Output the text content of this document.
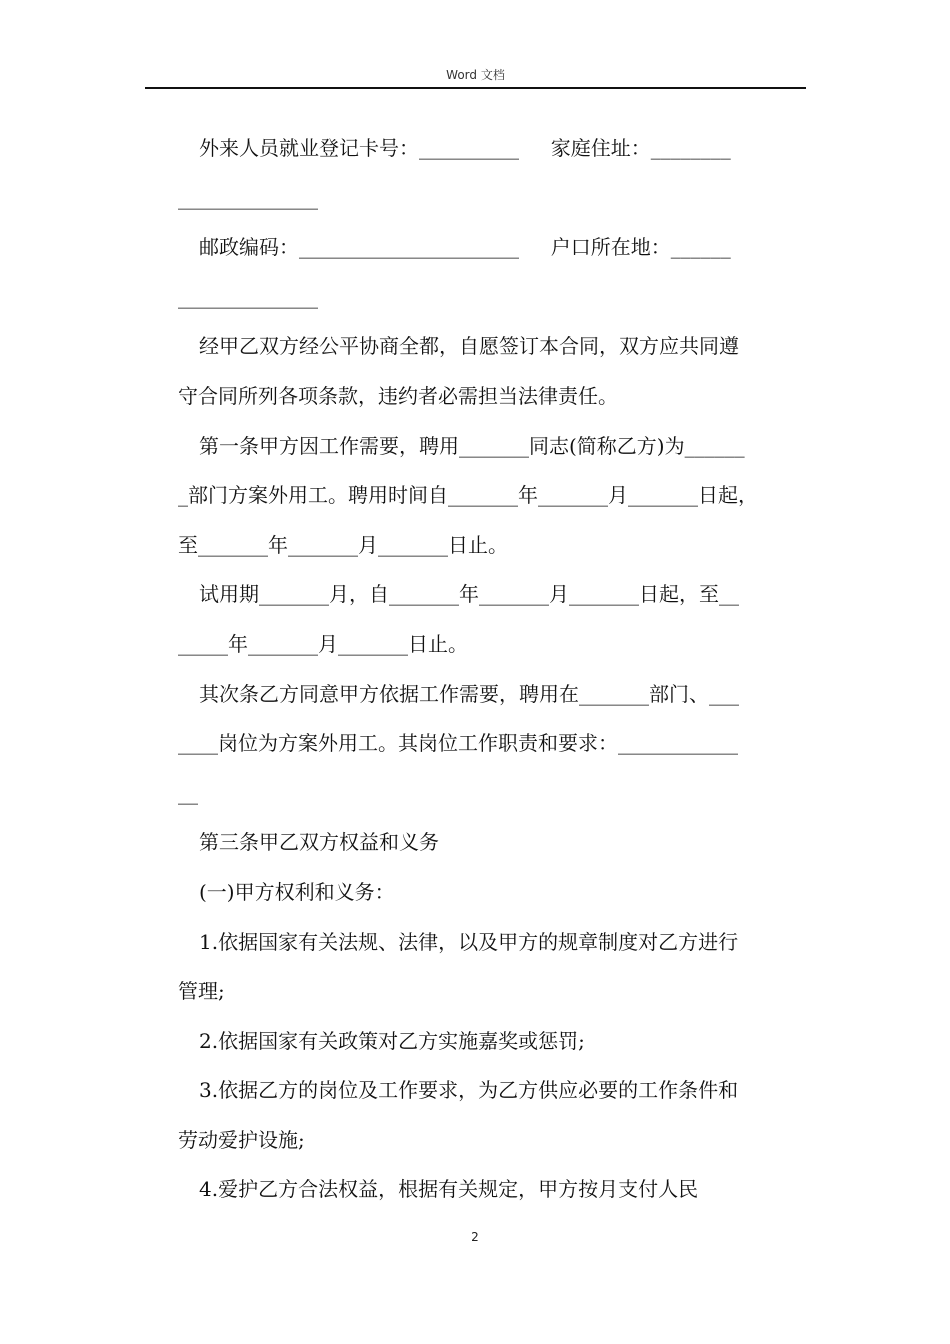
Word 文档

外来人员就业登记卡号：__________     家庭住址：________

______________

邮政编码：______________________     户口所在地：______

______________

经甲乙双方经公平协商全都，自愿签订本合同，双方应共同遵

守合同所列各项条款，违约者必需担当法律责任。

第一条甲方因工作需要，聘用_______同志(简称乙方)为______

_部门方案外用工。聘用时间自_______年_______月_______日起，

至_______年_______月_______日止。

试用期_______月，自_______年_______月_______日起，至__

_____年_______月_______日止。

其次条乙方同意甲方依据工作需要，聘用在_______部门、___

____岗位为方案外用工。其岗位工作职责和要求：____________

__

第三条甲乙双方权益和义务

(一)甲方权利和义务：

1.依据国家有关法规、法律，以及甲方的规章制度对乙方进行

管理;

2.依据国家有关政策对乙方实施嘉奖或惩罚;

3.依据乙方的岗位及工作要求，为乙方供应必要的工作条件和

劳动爱护设施;

4.爱护乙方合法权益，根据有关规定，甲方按月支付人民

2
